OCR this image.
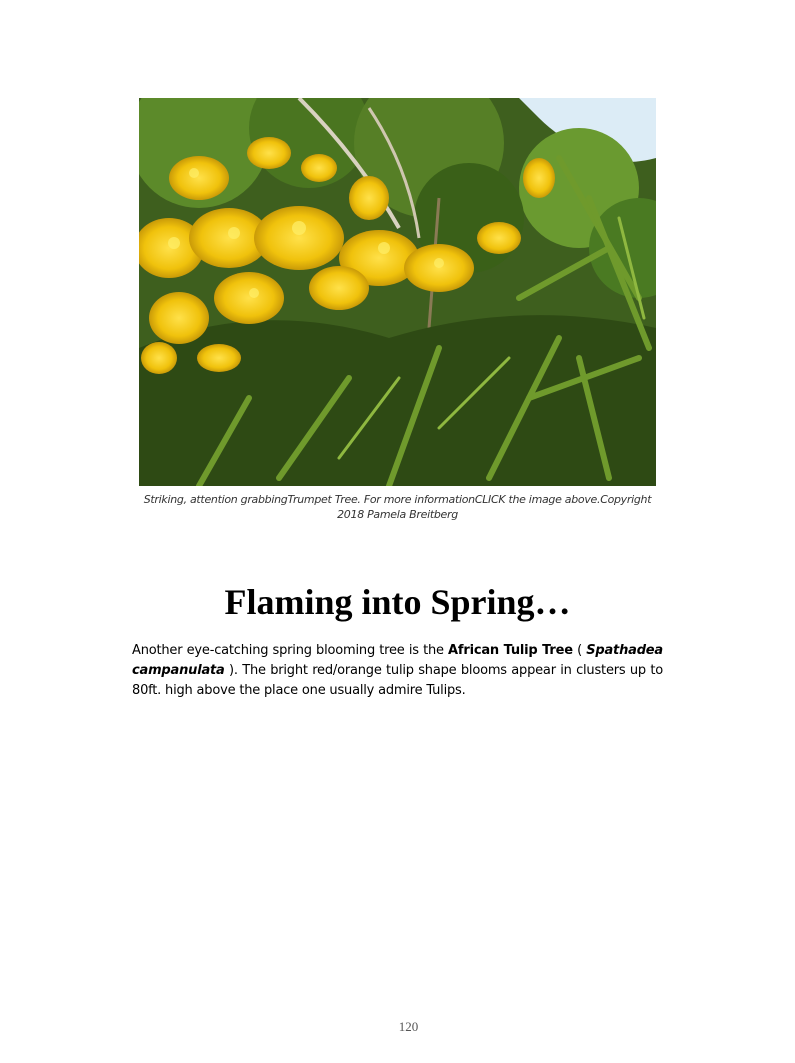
Striking, attention grabbingTrumpet Tree. For more informationCLICK the image above.Copyright
2018 Pamela Breitberg
Flaming into Spring…

Another eye-catching spring blooming tree is the African Tulip Tree ( Spathadea campanulata ). The bright red/orange tulip shape blooms appear in clusters up to 80ft. high above the place one usually admire Tulips.

120
